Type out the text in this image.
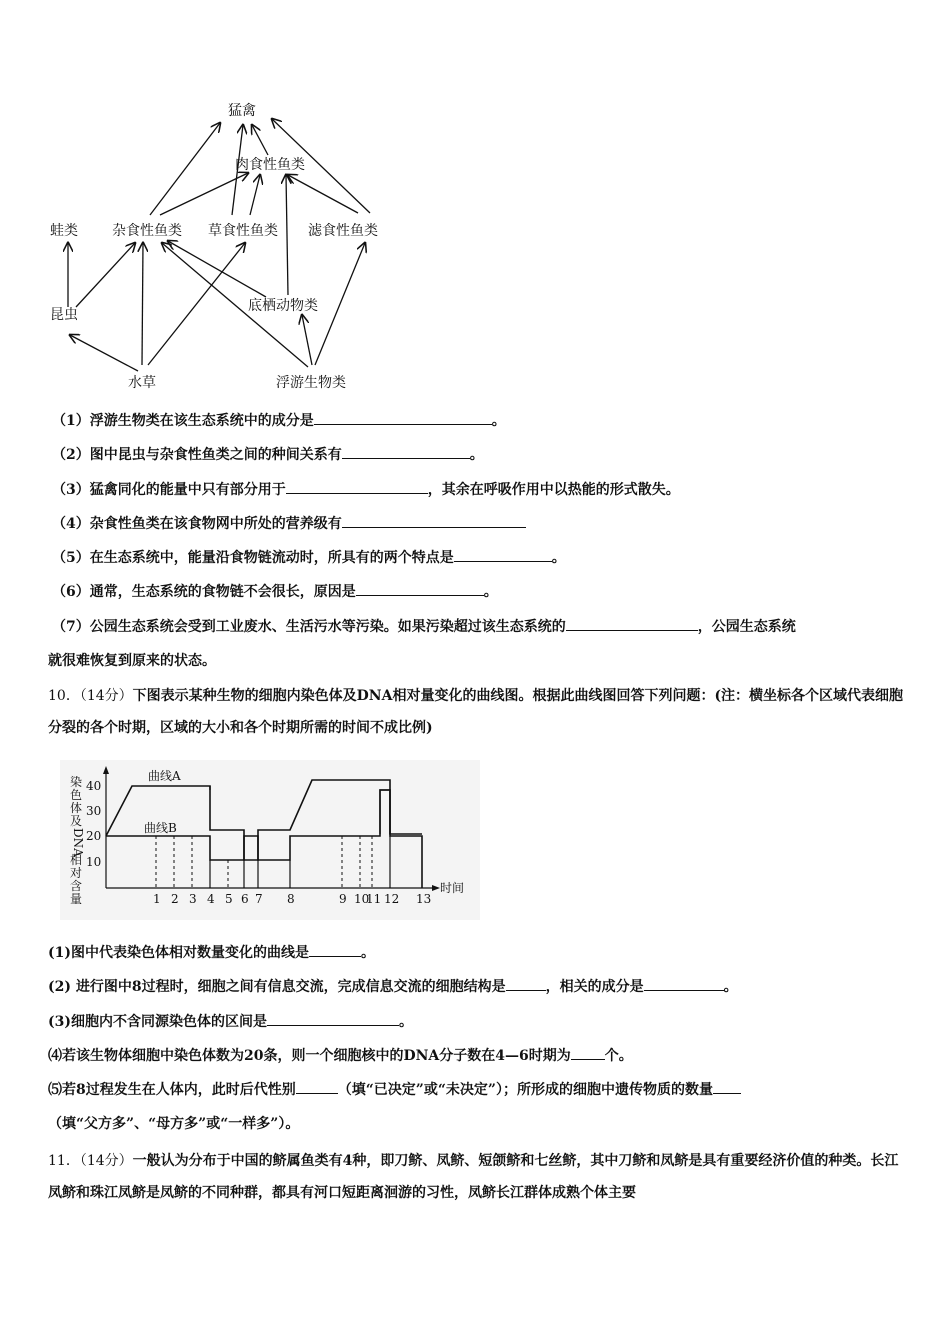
猛禽
肉食性鱼类
蛙类 杂食性鱼类 草食性鱼类 滤食性鱼类
昆虫
底栖动物类
水草	浮游生物类
（1）浮游生物类在该生态系统中的成分是	。
（2）图中昆虫与杂食性鱼类之间的种间关系有	。
（3）猛禽同化的能量中只有部分用于	，其余在呼吸作用中以热能的形式散失。
（4）杂食性鱼类在该食物网中所处的营养级有
（5）在生态系统中，能量沿食物链流动时，所具有的两个特点是	。
（6）通常，生态系统的食物链不会很长，原因是	。
（7）公园生态系统会受到工业废水、生活污水等污染。如果污染超过该生态系统的	，公园生态系统
就很难恢复到原来的状态。
10．（14分）下图表示某种生物的细胞内染色体及DNA相对量变化的曲线图。根据此曲线图回答下列问题：(注：横坐标各个区域代表细胞分裂的各个时期，区域的大小和各个时期所需的时间不成比例)
染
色
体
及
DNA
相
对
含
量
40
30
20
10
曲线A
曲线B
1 2 3 4 5 6 7 8	9 10
11 12 13
时间
(1)图中代表染色体相对数量变化的曲线是	。
(2) 进行图中8过程时，细胞之间有信息交流，完成信息交流的细胞结构是	，相关的成分是	。
(3)细胞内不含同源染色体的区间是	。
⑷若该生物体细胞中染色体数为20条，则一个细胞核中的DNA分子数在4—6时期为 个。
⑸若8过程发生在人体内，此时后代性别	（填“已决定”或“未决定”）；所形成的细胞中遗传物质的数量
（填“父方多”、“母方多”或“一样多”）。
11．（14分）一般认为分布于中国的鲚属鱼类有4种，即刀鲚、凤鲚、短颌鲚和七丝鲚，其中刀鲚和凤鲚是具有重要经济价值的种类。长江凤鲚和珠江凤鲚是凤鲚的不同种群，都具有河口短距离洄游的习性，凤鲚长江群体成熟个体主要
